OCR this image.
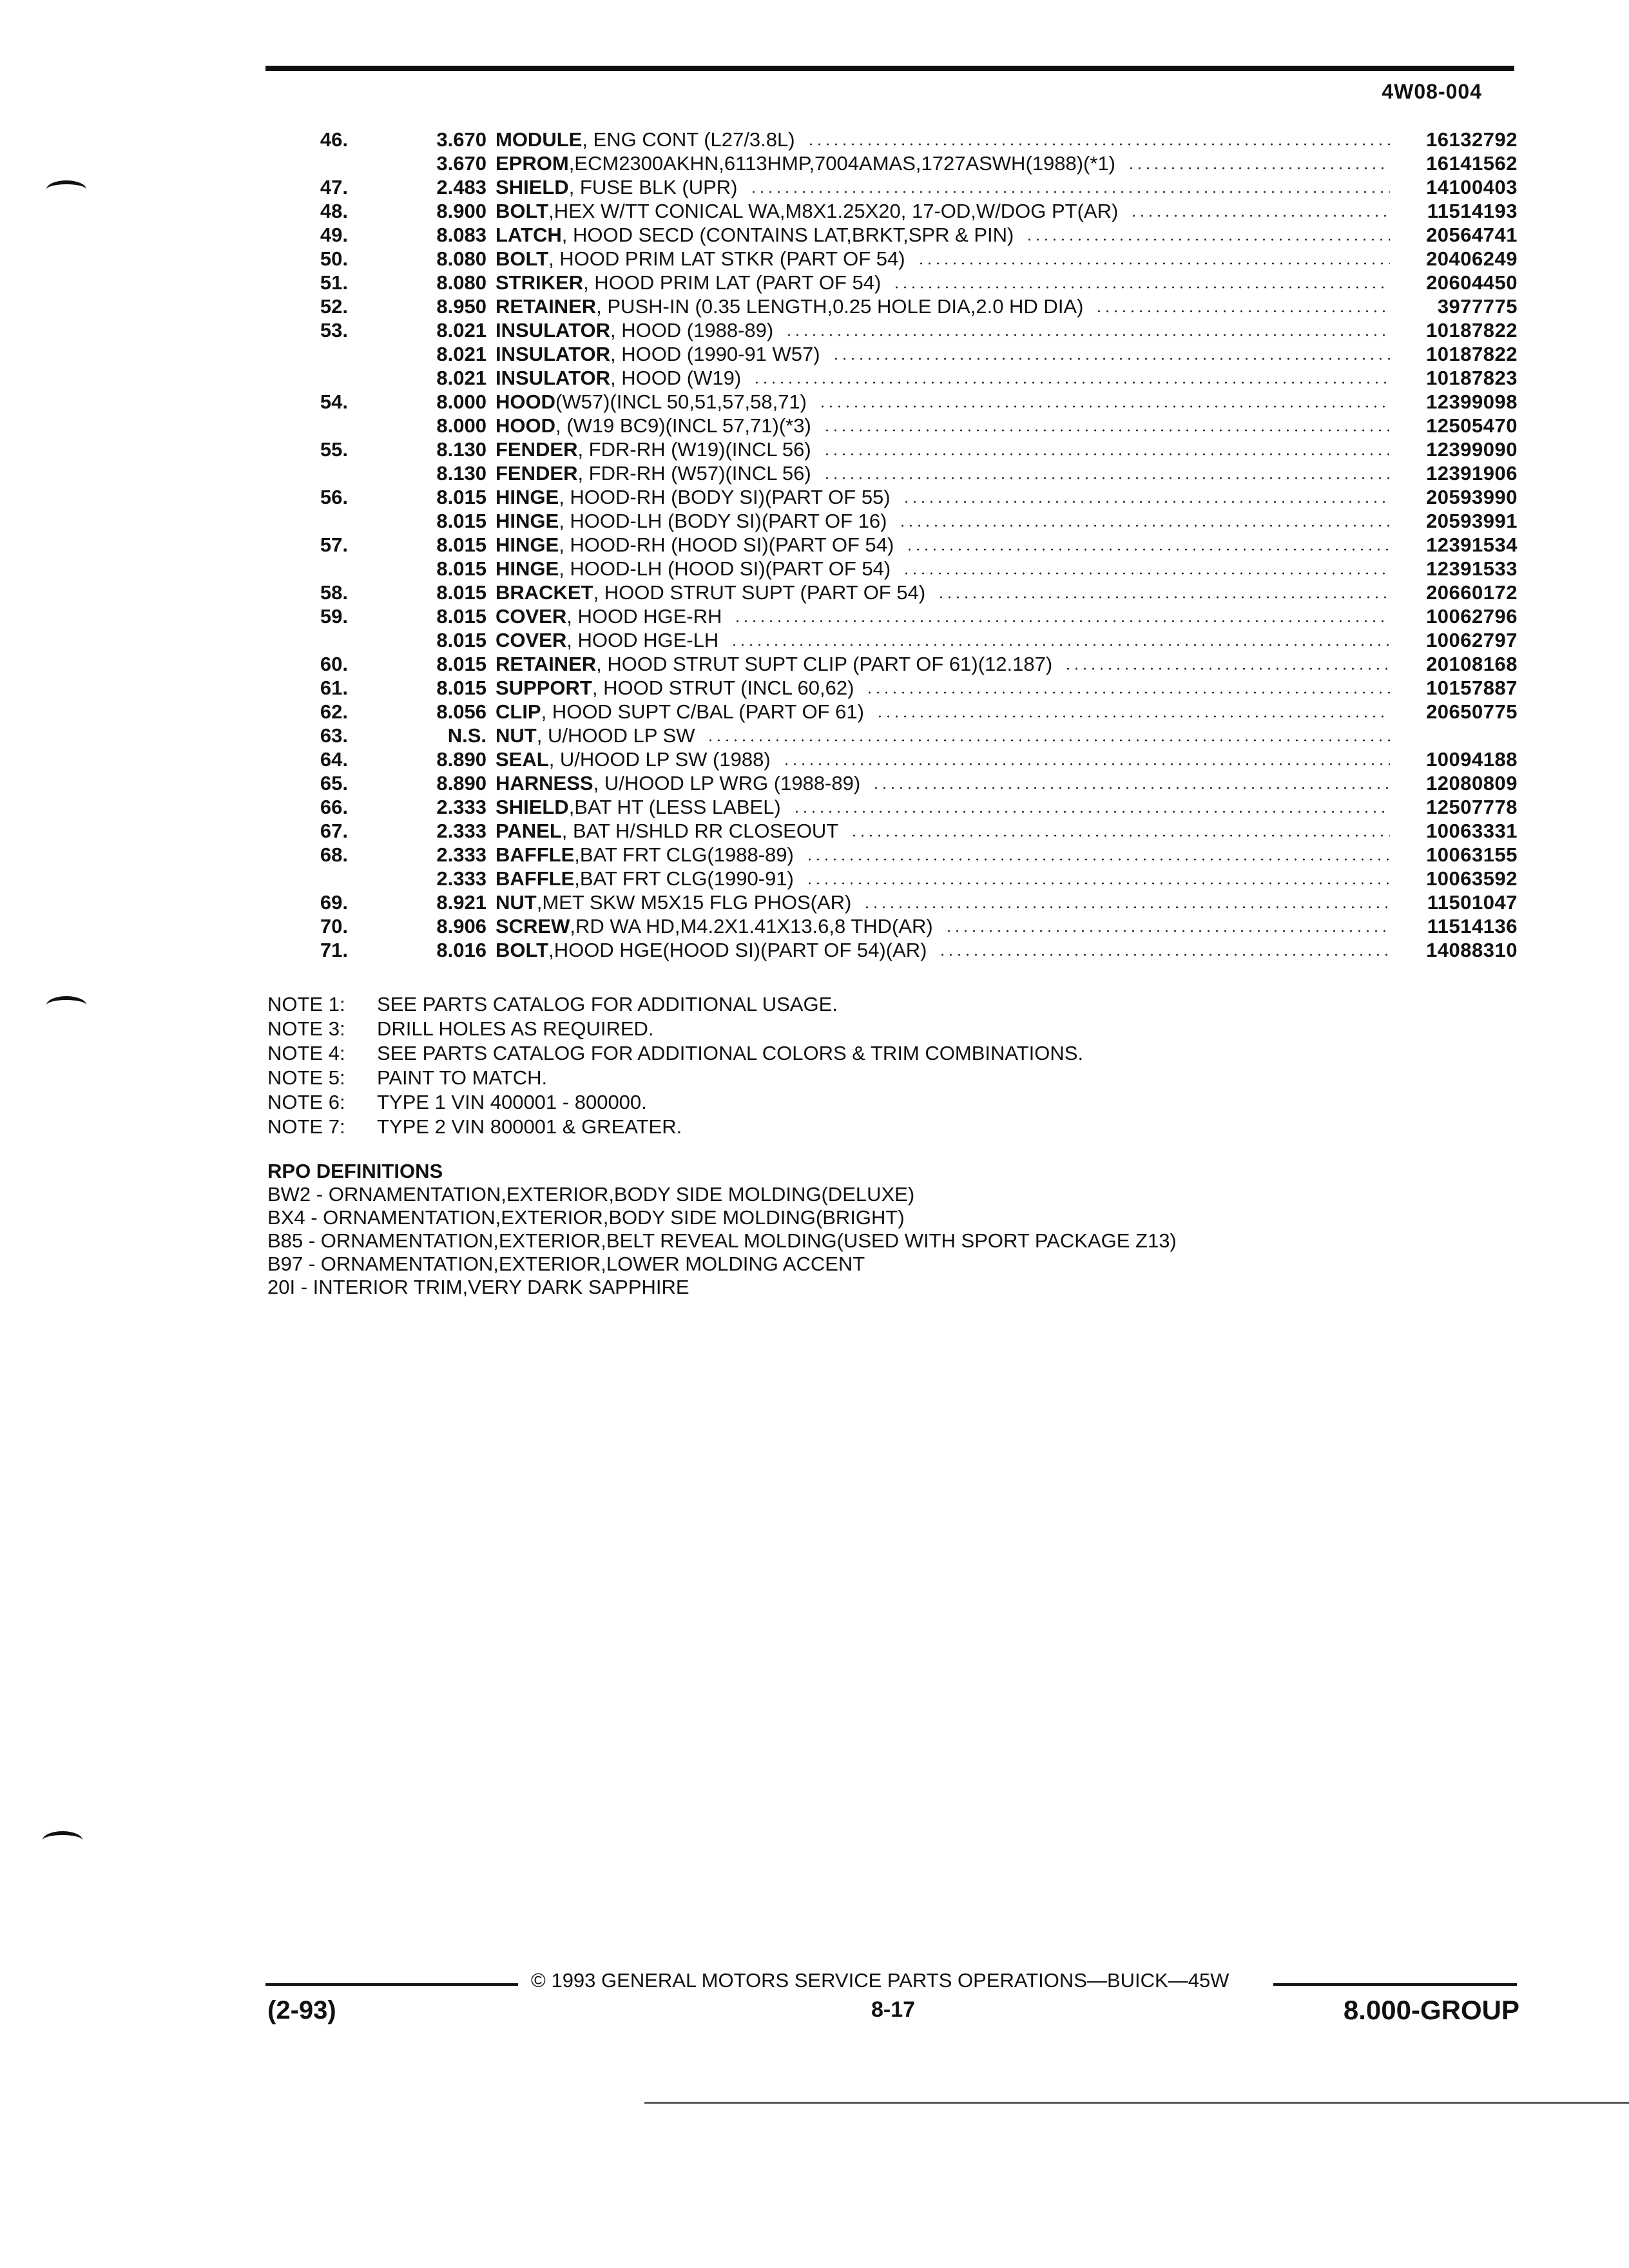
4W08-004
46.	3.670 MODULE , ENG CONT (L27/3.8L)	16132792
3.670 EPROM ,ECM2300AKHN,6113HMP,7004AMAS,1727ASWH(1988)(*1)	16141562
47.	2.483 SHIELD , FUSE BLK (UPR)	14100403
48.	8.900 BOLT ,HEX W/TT CONICAL WA,M8X1.25X20, 17-OD,W/DOG PT(AR)	11514193
49.	8.083 LATCH , HOOD SECD (CONTAINS LAT,BRKT,SPR & PIN)	20564741
50.	8.080 BOLT , HOOD PRIM LAT STKR (PART OF 54)	20406249
51.	8.080 STRIKER , HOOD PRIM LAT (PART OF 54)	20604450
52.	8.950 RETAINER , PUSH-IN (0.35 LENGTH,0.25 HOLE DIA,2.0 HD DIA)	3977775
53.	8.021 INSULATOR , HOOD (1988-89)	10187822
8.021 INSULATOR , HOOD (1990-91 W57)	10187822
8.021 INSULATOR , HOOD (W19)	10187823
54.	8.000 HOOD (W57)(INCL 50,51,57,58,71)	12399098
8.000 HOOD , (W19 BC9)(INCL 57,71)(*3)	12505470
55.	8.130 FENDER , FDR-RH (W19)(INCL 56)	12399090
8.130 FENDER , FDR-RH (W57)(INCL 56)	12391906
56.	8.015 HINGE , HOOD-RH (BODY SI)(PART OF 55)	20593990
8.015 HINGE , HOOD-LH (BODY SI)(PART OF 16)	20593991
57.	8.015 HINGE , HOOD-RH (HOOD SI)(PART OF 54)	12391534
8.015 HINGE , HOOD-LH (HOOD SI)(PART OF 54)	12391533
58.	8.015 BRACKET , HOOD STRUT SUPT (PART OF 54)	20660172
59.	8.015 COVER , HOOD HGE-RH	10062796
8.015 COVER , HOOD HGE-LH	10062797
60.	8.015 RETAINER , HOOD STRUT SUPT CLIP (PART OF 61)(12.187)	20108168
61.	8.015 SUPPORT , HOOD STRUT (INCL 60,62)	10157887
62.	8.056 CLIP , HOOD SUPT C/BAL (PART OF 61)	20650775
63.	N.S. NUT , U/HOOD LP SW
64.	8.890 SEAL , U/HOOD LP SW (1988)	10094188
65.	8.890 HARNESS , U/HOOD LP WRG (1988-89)	12080809
66.	2.333 SHIELD ,BAT HT (LESS LABEL)	12507778
67.	2.333 PANEL , BAT H/SHLD RR CLOSEOUT	10063331
68.	2.333 BAFFLE ,BAT FRT CLG(1988-89)	10063155
2.333 BAFFLE ,BAT FRT CLG(1990-91)	10063592
69.	8.921 NUT ,MET SKW M5X15 FLG PHOS(AR)	11501047
70.	8.906 SCREW ,RD WA HD,M4.2X1.41X13.6,8 THD(AR)	11514136
71.	8.016 BOLT ,HOOD HGE(HOOD SI)(PART OF 54)(AR)	14088310
NOTE 1: SEE PARTS CATALOG FOR ADDITIONAL USAGE.
NOTE 3: DRILL HOLES AS REQUIRED.
NOTE 4: SEE PARTS CATALOG FOR ADDITIONAL COLORS & TRIM COMBINATIONS.
NOTE 5: PAINT TO MATCH.
NOTE 6: TYPE 1 VIN 400001 - 800000.
NOTE 7: TYPE 2 VIN 800001 & GREATER.
RPO DEFINITIONS
BW2 - ORNAMENTATION,EXTERIOR,BODY SIDE MOLDING(DELUXE)
BX4 - ORNAMENTATION,EXTERIOR,BODY SIDE MOLDING(BRIGHT)
B85 - ORNAMENTATION,EXTERIOR,BELT REVEAL MOLDING(USED WITH SPORT PACKAGE Z13)
B97 - ORNAMENTATION,EXTERIOR,LOWER MOLDING ACCENT
20I - INTERIOR TRIM,VERY DARK SAPPHIRE
© 1993 GENERAL MOTORS SERVICE PARTS OPERATIONS—BUICK—45W
(2-93)	8-17	8.000-GROUP
